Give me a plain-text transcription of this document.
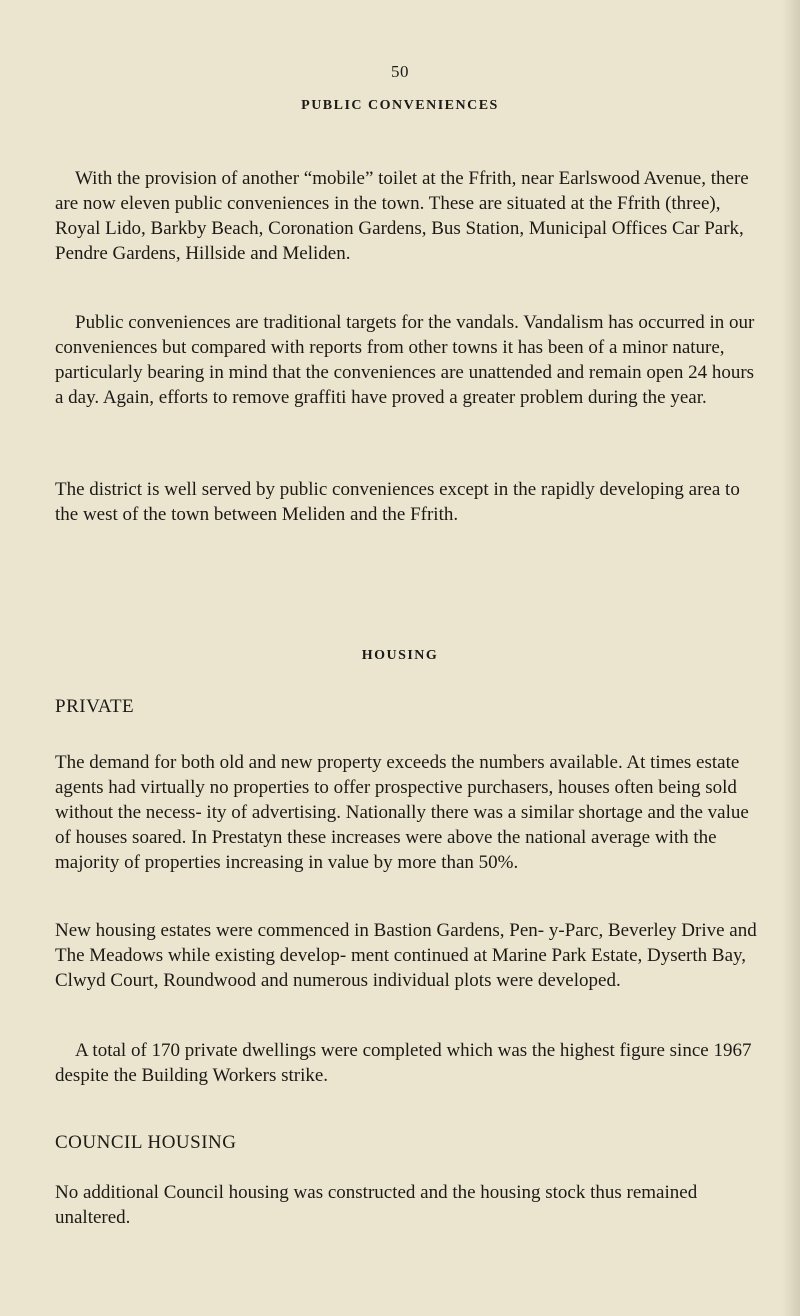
50
PUBLIC CONVENIENCES
With the provision of another “mobile” toilet at the Ffrith, near Earlswood Avenue, there are now eleven public conveniences in the town. These are situated at the Ffrith (three), Royal Lido, Barkby Beach, Coronation Gardens, Bus Station, Municipal Offices Car Park, Pendre Gardens, Hillside and Meliden.
Public conveniences are traditional targets for the vandals. Vandalism has occurred in our conveniences but compared with reports from other towns it has been of a minor nature, particularly bearing in mind that the conveniences are unattended and remain open 24 hours a day. Again, efforts to remove graffiti have proved a greater problem during the year.
The district is well served by public conveniences except in the rapidly developing area to the west of the town between Meliden and the Ffrith.
HOUSING
PRIVATE
The demand for both old and new property exceeds the numbers available. At times estate agents had virtually no properties to offer prospective purchasers, houses often being sold without the necess- ity of advertising. Nationally there was a similar shortage and the value of houses soared. In Prestatyn these increases were above the national average with the majority of properties increasing in value by more than 50%.
New housing estates were commenced in Bastion Gardens, Pen- y-Parc, Beverley Drive and The Meadows while existing develop- ment continued at Marine Park Estate, Dyserth Bay, Clwyd Court, Roundwood and numerous individual plots were developed.
A total of 170 private dwellings were completed which was the highest figure since 1967 despite the Building Workers strike.
COUNCIL HOUSING
No additional Council housing was constructed and the housing stock thus remained unaltered.
